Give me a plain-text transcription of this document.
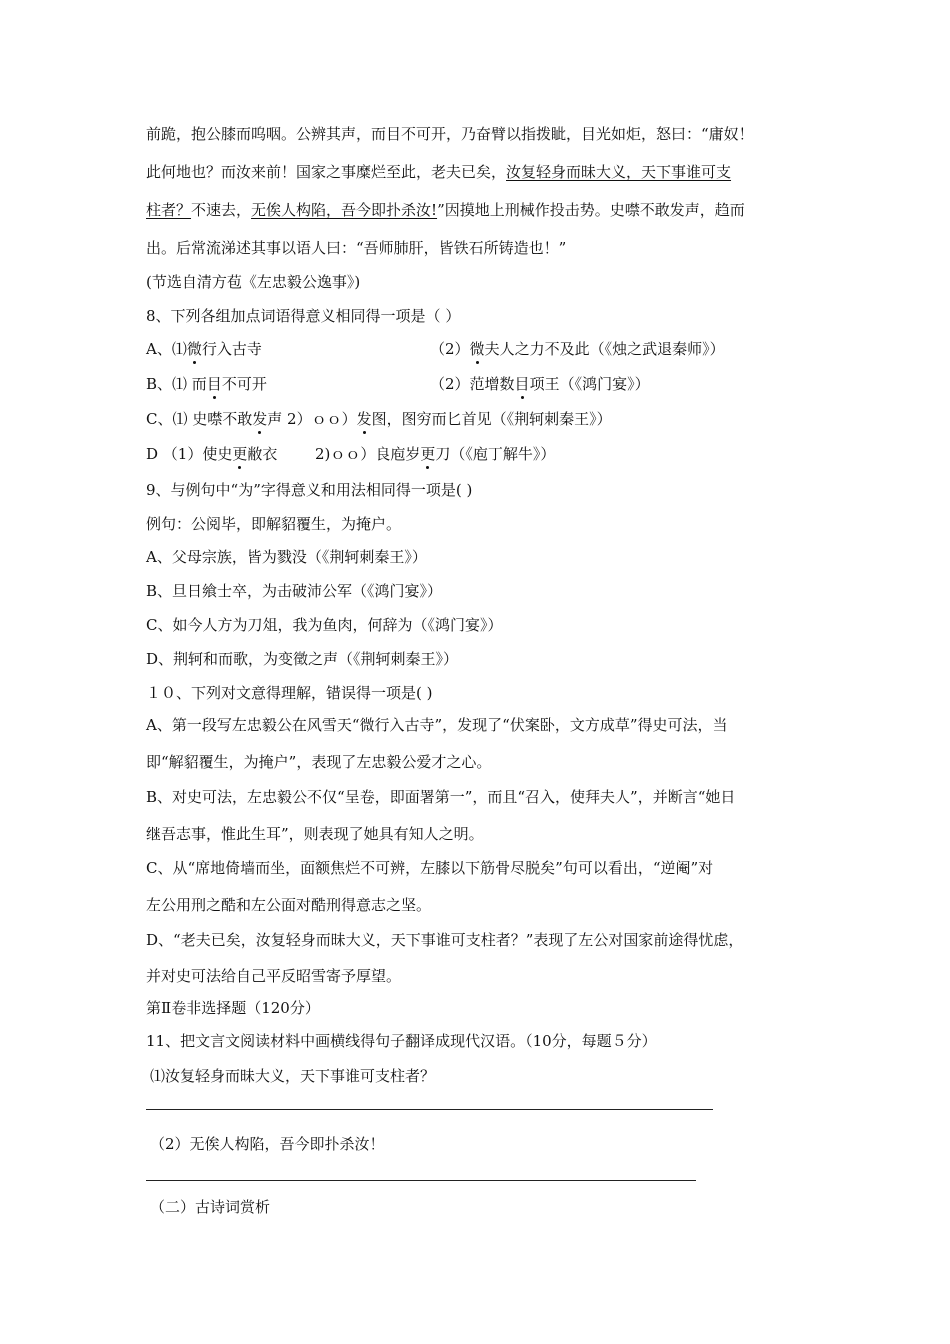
前跪，抱公膝而呜咽。公辨其声，而目不可开，乃奋臂以指拨眦，目光如炬，怒曰：“庸奴！
此何地也？而汝来前！国家之事糜烂至此，老夫已矣，汝复轻身而昧大义，天下事谁可支
柱者？不速去，无俟人构陷，吾今即扑杀汝!”因摸地上刑械作投击势。史噤不敢发声，趋而
出。后常流涕述其事以语人曰：“吾师肺肝，皆铁石所铸造也！”
(节选自清方苞《左忠毅公逸事》)
8、下列各组加点词语得意义相同得一项是（ ）
A、⑴微行入古寺	（2）微夫人之力不及此（《烛之武退秦师》）
B、⑴ 而目不可开	（2）范增数目项王（《鸿门宴》）
C、⑴ 史噤不敢发声 2）ｏｏ）发图，图穷而匕首见（《荆轲刺秦王》）
D （1）使史更敝衣	2)ｏｏ）良庖岁更刀（《庖丁解牛》）
9、与例句中“为”字得意义和用法相同得一项是( )
例句：公阅毕，即解貂覆生，为掩户。
A、父母宗族，皆为戮没（《荆轲刺秦王》）
B、旦日飨士卒，为击破沛公军（《鸿门宴》）
C、如今人方为刀俎，我为鱼肉，何辞为（《鸿门宴》）
D、荆轲和而歌，为变徵之声（《荆轲刺秦王》）
１０、下列对文意得理解，错误得一项是( )
A、第一段写左忠毅公在风雪天“微行入古寺”，发现了“伏案卧，文方成草”得史可法，当
即“解貂覆生，为掩户”，表现了左忠毅公爱才之心。
B、对史可法，左忠毅公不仅“呈卷，即面署第一”，而且“召入，使拜夫人”，并断言“她日
继吾志事，惟此生耳”，则表现了她具有知人之明。
C、从“席地倚墙而坐，面额焦烂不可辨，左膝以下筋骨尽脱矣”句可以看出，“逆阉”对
左公用刑之酷和左公面对酷刑得意志之坚。
D、“老夫已矣，汝复轻身而昧大义，天下事谁可支柱者？”表现了左公对国家前途得忧虑，
并对史可法给自己平反昭雪寄予厚望。
第Ⅱ卷非选择题（120分）
11、把文言文阅读材料中画横线得句子翻译成现代汉语。（10分，每题５分）
⑴汝复轻身而昧大义，天下事谁可支柱者？
（2）无俟人构陷，吾今即扑杀汝！
（二）古诗词赏析
